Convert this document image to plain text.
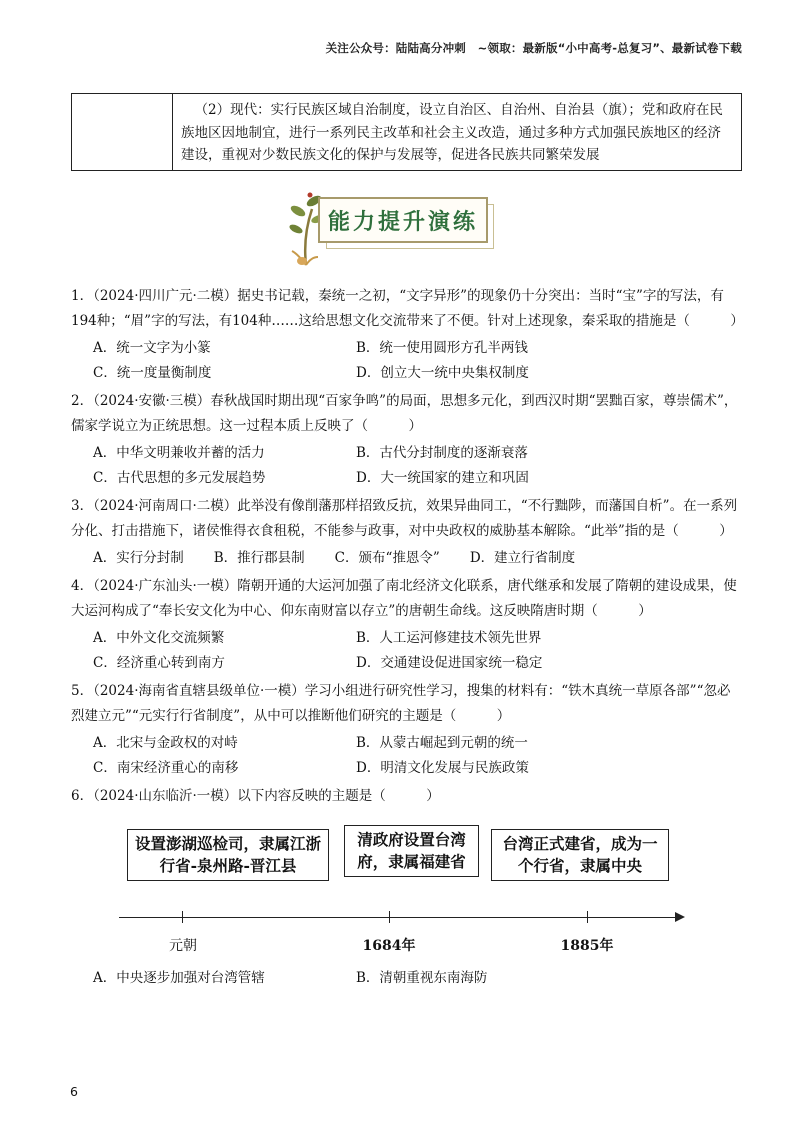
关注公众号：陆陆高分冲刺　~领取：最新版“小中高考-总复习”、最新试卷下载
（2）现代：实行民族区域自治制度，设立自治区、自治州、自治县（旗）；党和政府在民族地区因地制宜，进行一系列民主改革和社会主义改造，通过多种方式加强民族地区的经济建设，重视对少数民族文化的保护与发展等，促进各民族共同繁荣发展
能力提升演练

1．（2024·四川广元·二模）据史书记载，秦统一之初，“文字异形”的现象仍十分突出：当时“宝”字的写法，有194种；“眉”字的写法，有104种……这给思想文化交流带来了不便。针对上述现象，秦采取的措施是（　　　）

A．统一文字为小篆	B．统一使用圆形方孔半两钱
C．统一度量衡制度	D．创立大一统中央集权制度

2．（2024·安徽·三模）春秋战国时期出现“百家争鸣”的局面，思想多元化，到西汉时期“罢黜百家，尊崇儒术”，儒家学说立为正统思想。这一过程本质上反映了（　　　）

A．中华文明兼收并蓄的活力	B．古代分封制度的逐渐衰落
C．古代思想的多元发展趋势	D．大一统国家的建立和巩固

3．（2024·河南周口·二模）此举没有像削藩那样招致反抗，效果异曲同工，“不行黜陟，而藩国自析”。在一系列分化、打击措施下，诸侯惟得衣食租税，不能参与政事，对中央政权的威胁基本解除。“此举”指的是（　　　）

A．实行分封制 B．推行郡县制 C．颁布“推恩令” D．建立行省制度

4．（2024·广东汕头·一模）隋朝开通的大运河加强了南北经济文化联系，唐代继承和发展了隋朝的建设成果，使大运河构成了“奉长安文化为中心、仰东南财富以存立”的唐朝生命线。这反映隋唐时期（　　　）

A．中外文化交流频繁	B．人工运河修建技术领先世界
C．经济重心转到南方	D．交通建设促进国家统一稳定

5．（2024·海南省直辖县级单位·一模）学习小组进行研究性学习，搜集的材料有：“铁木真统一草原各部”“忽必烈建立元”“元实行行省制度”，从中可以推断他们研究的主题是（　　　）

A．北宋与金政权的对峙	B．从蒙古崛起到元朝的统一
C．南宋经济重心的南移	D．明清文化发展与民族政策

6．（2024·山东临沂·一模）以下内容反映的主题是（　　　）

设置澎湖巡检司，隶属江浙行省-泉州路-晋江县
清政府设置台湾府，隶属福建省
台湾正式建省，成为一个行省，隶属中央
元朝	1684年	1885年
A．中央逐步加强对台湾管辖	B．清朝重视东南海防
6
